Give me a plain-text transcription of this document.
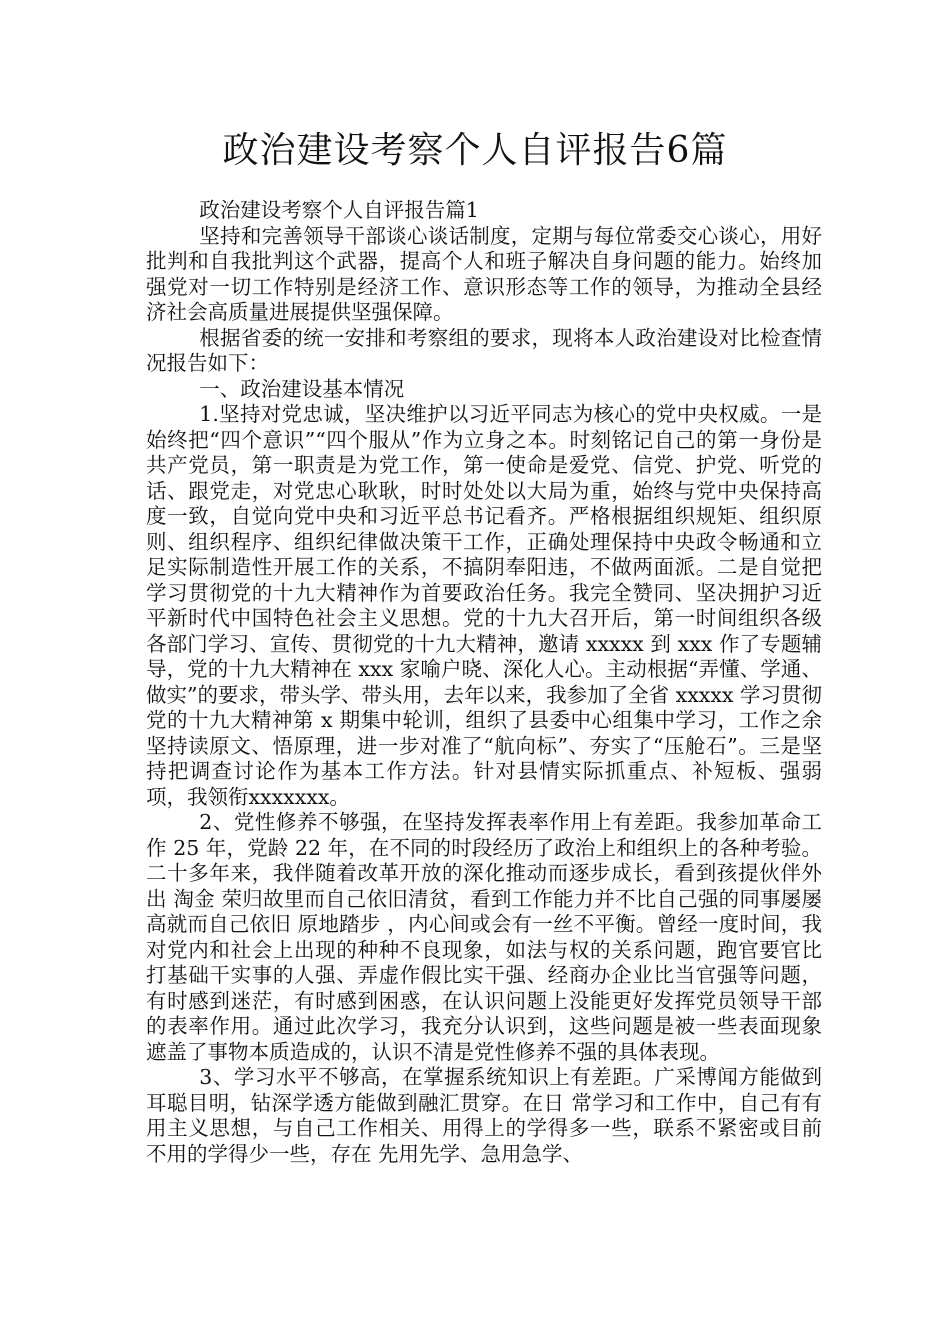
政治建设考察个人自评报告6篇

政治建设考察个人自评报告篇1

坚持和完善领导干部谈心谈话制度，定期与每位常委交心谈心，用好批判和自我批判这个武器，提高个人和班子解决自身问题的能力。始终加强党对一切工作特别是经济工作、意识形态等工作的领导，为推动全县经济社会高质量进展提供坚强保障。

根据省委的统一安排和考察组的要求，现将本人政治建设对比检查情况报告如下：

一、政治建设基本情况

1.坚持对党忠诚，坚决维护以习近平同志为核心的党中央权威。一是始终把“四个意识”“四个服从”作为立身之本。时刻铭记自己的第一身份是共产党员，第一职责是为党工作，第一使命是爱党、信党、护党、听党的话、跟党走，对党忠心耿耿，时时处处以大局为重，始终与党中央保持高度一致，自觉向党中央和习近平总书记看齐。严格根据组织规矩、组织原则、组织程序、组织纪律做决策干工作，正确处理保持中央政令畅通和立足实际制造性开展工作的关系，不搞阴奉阳违，不做两面派。二是自觉把学习贯彻党的十九大精神作为首要政治任务。我完全赞同、坚决拥护习近平新时代中国特色社会主义思想。党的十九大召开后，第一时间组织各级各部门学习、宣传、贯彻党的十九大精神，邀请 xxxxx 到 xxx 作了专题辅导，党的十九大精神在 xxx 家喻户晓、深化人心。主动根据“弄懂、学通、做实”的要求，带头学、带头用，去年以来，我参加了全省 xxxxx 学习贯彻党的十九大精神第 x 期集中轮训，组织了县委中心组集中学习，工作之余坚持读原文、悟原理，进一步对准了“航向标”、夯实了“压舱石”。三是坚持把调查讨论作为基本工作方法。针对县情实际抓重点、补短板、强弱项，我领衔xxxxxxx。

2、党性修养不够强，在坚持发挥表率作用上有差距。我参加革命工作 25 年，党龄 22 年，在不同的时段经历了政治上和组织上的各种考验。二十多年来，我伴随着改革开放的深化推动而逐步成长，看到孩提伙伴外出 淘金 荣归故里而自己依旧清贫，看到工作能力并不比自己强的同事屡屡高就而自己依旧 原地踏步 ，内心间或会有一丝不平衡。曾经一度时间，我对党内和社会上出现的种种不良现象，如法与权的关系问题，跑官要官比打基础干实事的人强、弄虚作假比实干强、经商办企业比当官强等问题，有时感到迷茫，有时感到困惑，在认识问题上没能更好发挥党员领导干部的表率作用。通过此次学习，我充分认识到，这些问题是被一些表面现象遮盖了事物本质造成的，认识不清是党性修养不强的具体表现。

3、学习水平不够高，在掌握系统知识上有差距。广采博闻方能做到耳聪目明，钻深学透方能做到融汇贯穿。在日 常学习和工作中，自己有有用主义思想，与自己工作相关、用得上的学得多一些，联系不紧密或目前不用的学得少一些，存在 先用先学、急用急学、
